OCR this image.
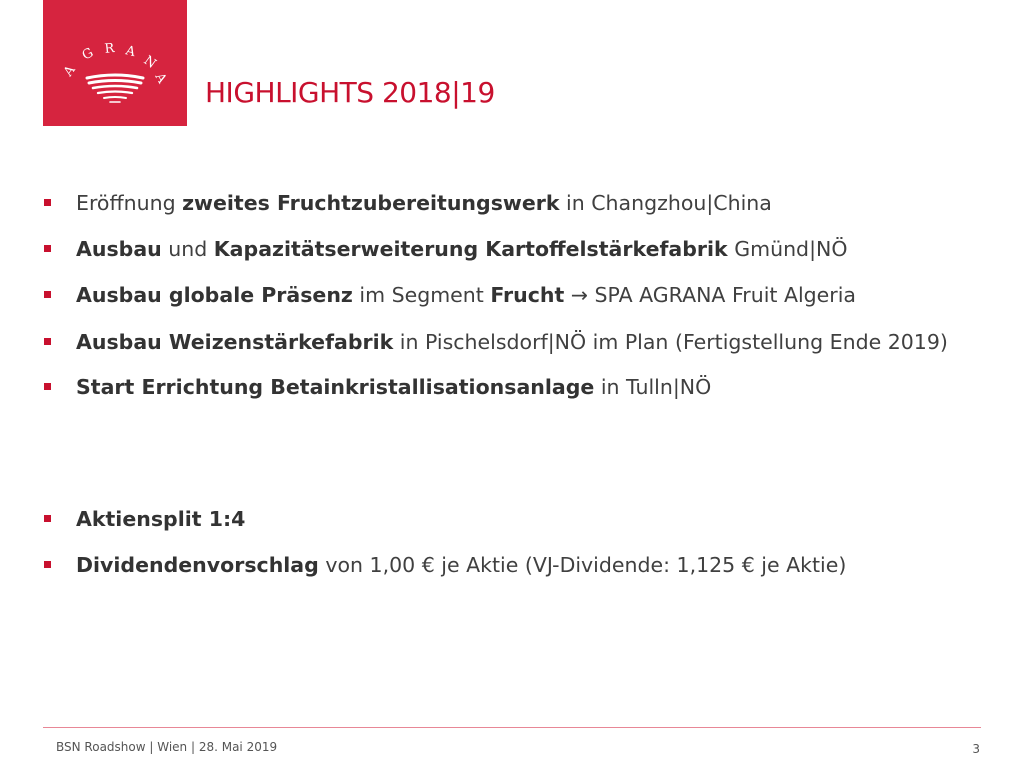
A
G R A
N
A HIGHLIGHTS 2018|19
Eröffnung zweites Fruchtzubereitungswerk in Changzhou|China
Ausbau und Kapazitätserweiterung Kartoffelstärkefabrik Gmünd|NÖ
Ausbau globale Präsenz im Segment Frucht → SPA AGRANA Fruit Algeria
Ausbau Weizenstärkefabrik in Pischelsdorf|NÖ im Plan (Fertigstellung Ende 2019)
Start Errichtung Betainkristallisationsanlage in Tulln|NÖ
Aktiensplit 1:4
Dividendenvorschlag von 1,00 € je Aktie (VJ-Dividende: 1,125 € je Aktie)
BSN Roadshow | Wien | 28. Mai 2019	3
